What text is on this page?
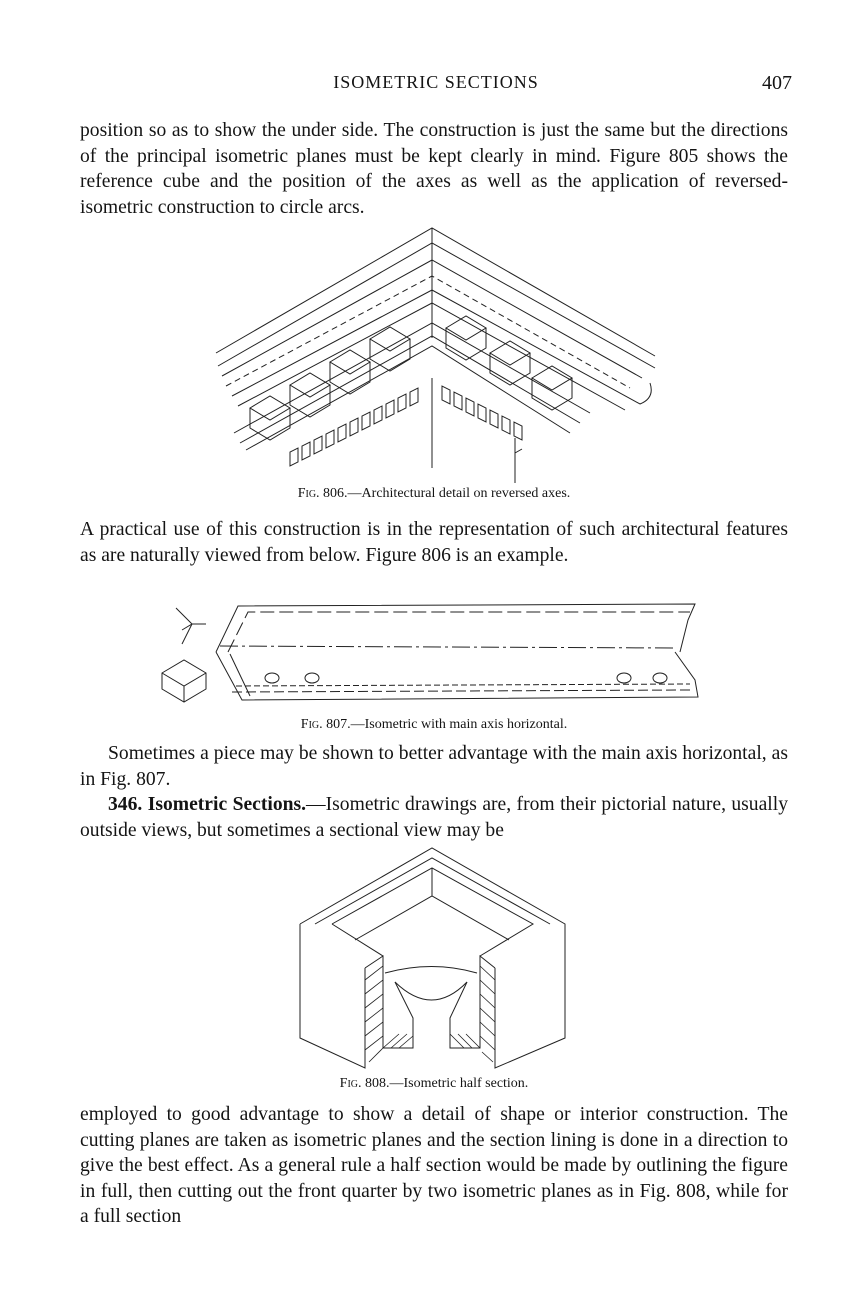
ISOMETRIC SECTIONS	407

position so as to show the under side. The construction is just the same but the directions of the principal isometric planes must be kept clearly in mind. Figure 805 shows the reference cube and the position of the axes as well as the application of reversed-isometric construction to circle arcs.

Fig. 806.—Architectural detail on reversed axes.

A practical use of this construction is in the representation of such architectural features as are naturally viewed from below. Figure 806 is an example.

Fig. 807.—Isometric with main axis horizontal.

Sometimes a piece may be shown to better advantage with the main axis horizontal, as in Fig. 807.

346. Isometric Sections.—Isometric drawings are, from their pictorial nature, usually outside views, but sometimes a sectional view may be

Fig. 808.—Isometric half section.

employed to good advantage to show a detail of shape or interior construction. The cutting planes are taken as isometric planes and the section lining is done in a direction to give the best effect. As a general rule a half section would be made by outlining the figure in full, then cutting out the front quarter by two isometric planes as in Fig. 808, while for a full section
